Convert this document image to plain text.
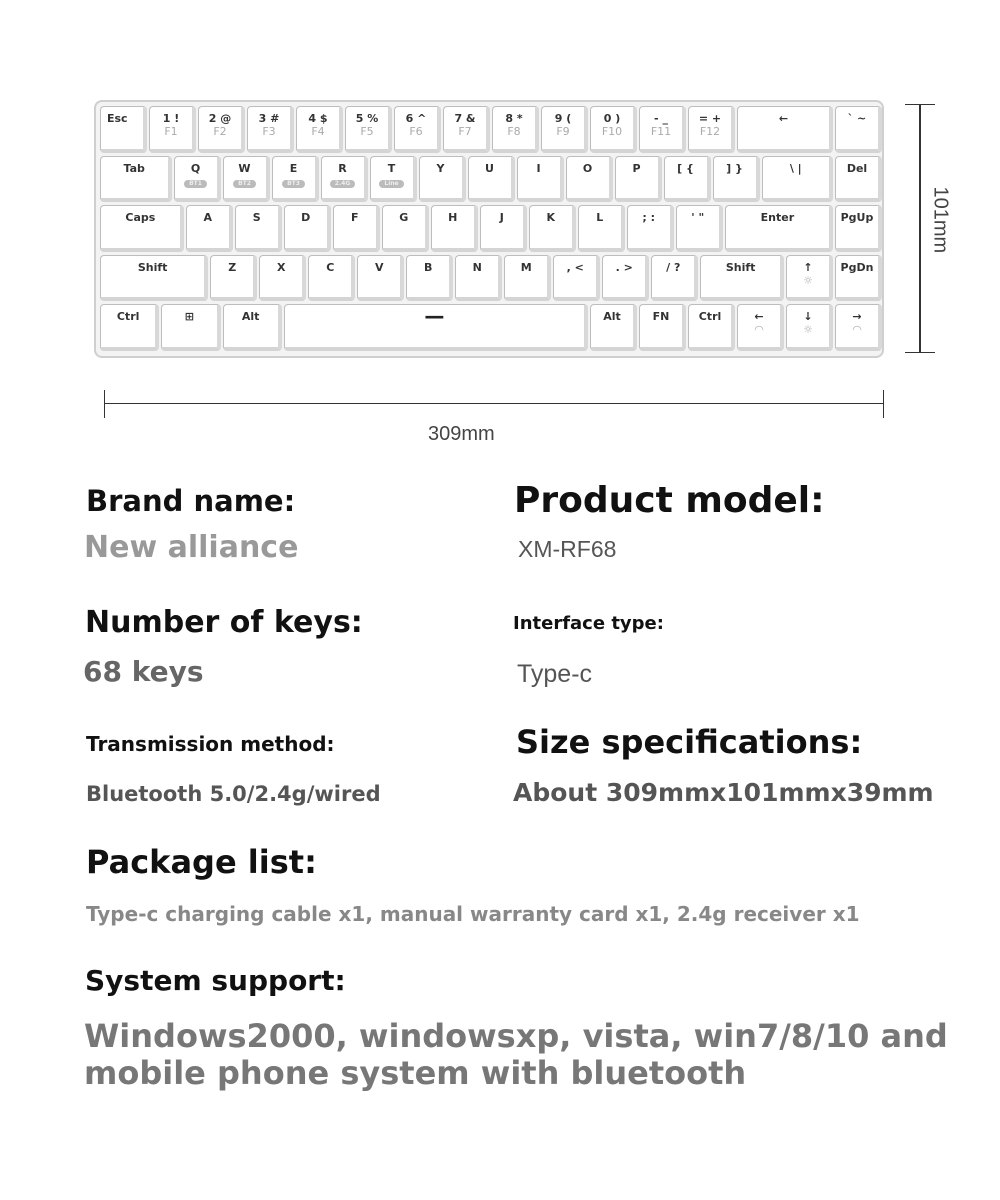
Esc	1 !
F1
2 @
F2
3 #
F3
4 $
F4
5 %
F5
6 ^
F6
7 &
F7
8 *
F8
9 (
F9
0 )
F10
- _
F11
= +
F12
←	` ~
Tab	Q
BT1
W
BT2
E
BT3
R
2.4G
T
Line
Y	U	I	O	P	[ {	] }	\ |	Del
Caps	A	S	D	F	G	H	J	K	L	; :	' "	Enter	PgUp
Shift	Z	X	C	V	B	N	M	, <	. >	/ ?	Shift	↑
☼
PgDn
Ctrl	⊞	Alt	—	Alt	FN	Ctrl	←
◠
↓
☼
→
◠
101mm
309mm
Brand name:
New alliance
Product model:
XM-RF68
Number of keys:
68 keys
Interface type:
Type-c
Transmission method:
Bluetooth 5.0/2.4g/wired
Size specifications:
About 309mmx101mmx39mm
Package list:
Type-c charging cable x1, manual warranty card x1, 2.4g receiver x1
System support:
Windows2000, windowsxp, vista, win7/8/10 and
mobile phone system with bluetooth
